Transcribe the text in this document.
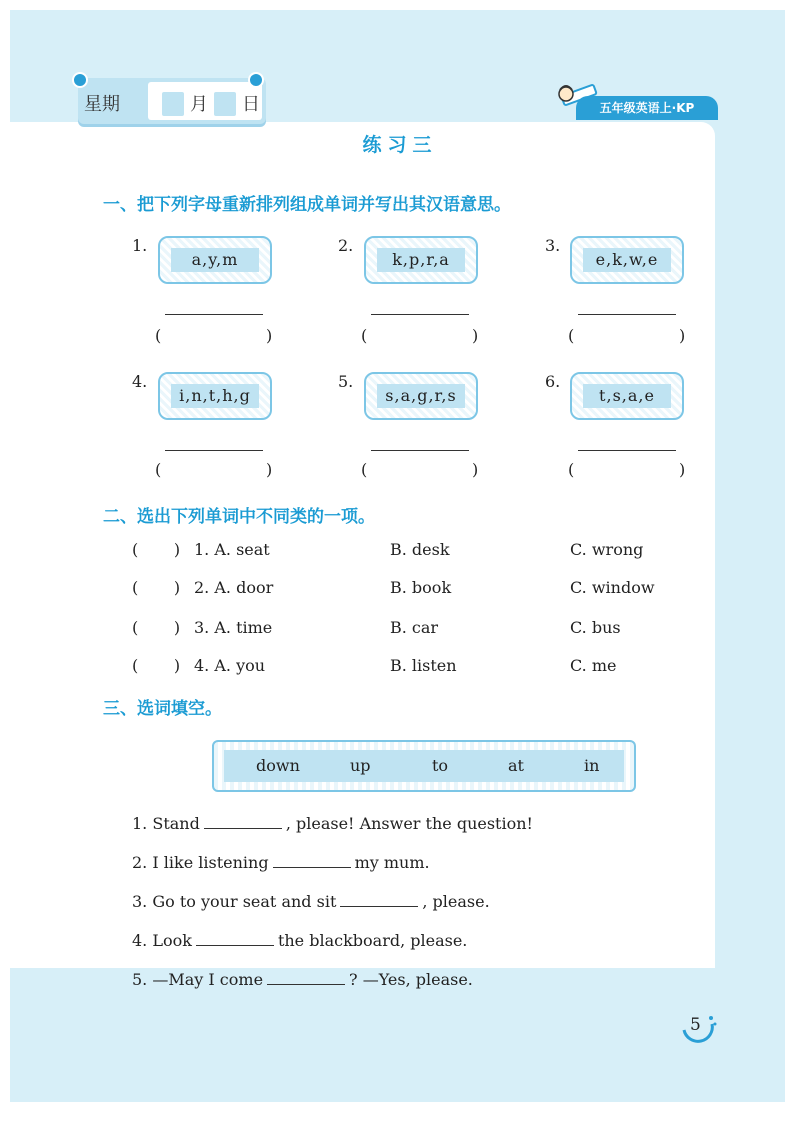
星期	月 日	五年级英语上·KP
练习三
一、把下列字母重新排列组成单词并写出其汉语意思。
1.
a,y,m
(	)
2.
k,p,r,a
(	)
3.
e,k,w,e
(	)
4.
i,n,t,h,g
(	)
5.
s,a,g,r,s
(	)
6.
t,s,a,e
(	)
二、选出下列单词中不同类的一项。
(       ) 1. A. seat	B. desk	C. wrong
(       ) 2. A. door	B. book	C. window
(       ) 3. A. time	B. car	C. bus
(       ) 4. A. you	B. listen	C. me
三、选词填空。
down	up	to	at	in
1. Stand	, please! Answer the question!
2. I like listening	my mum.
3. Go to your seat and sit	, please.
4. Look	the blackboard, please.
5. —May I come	? —Yes, please.
5
